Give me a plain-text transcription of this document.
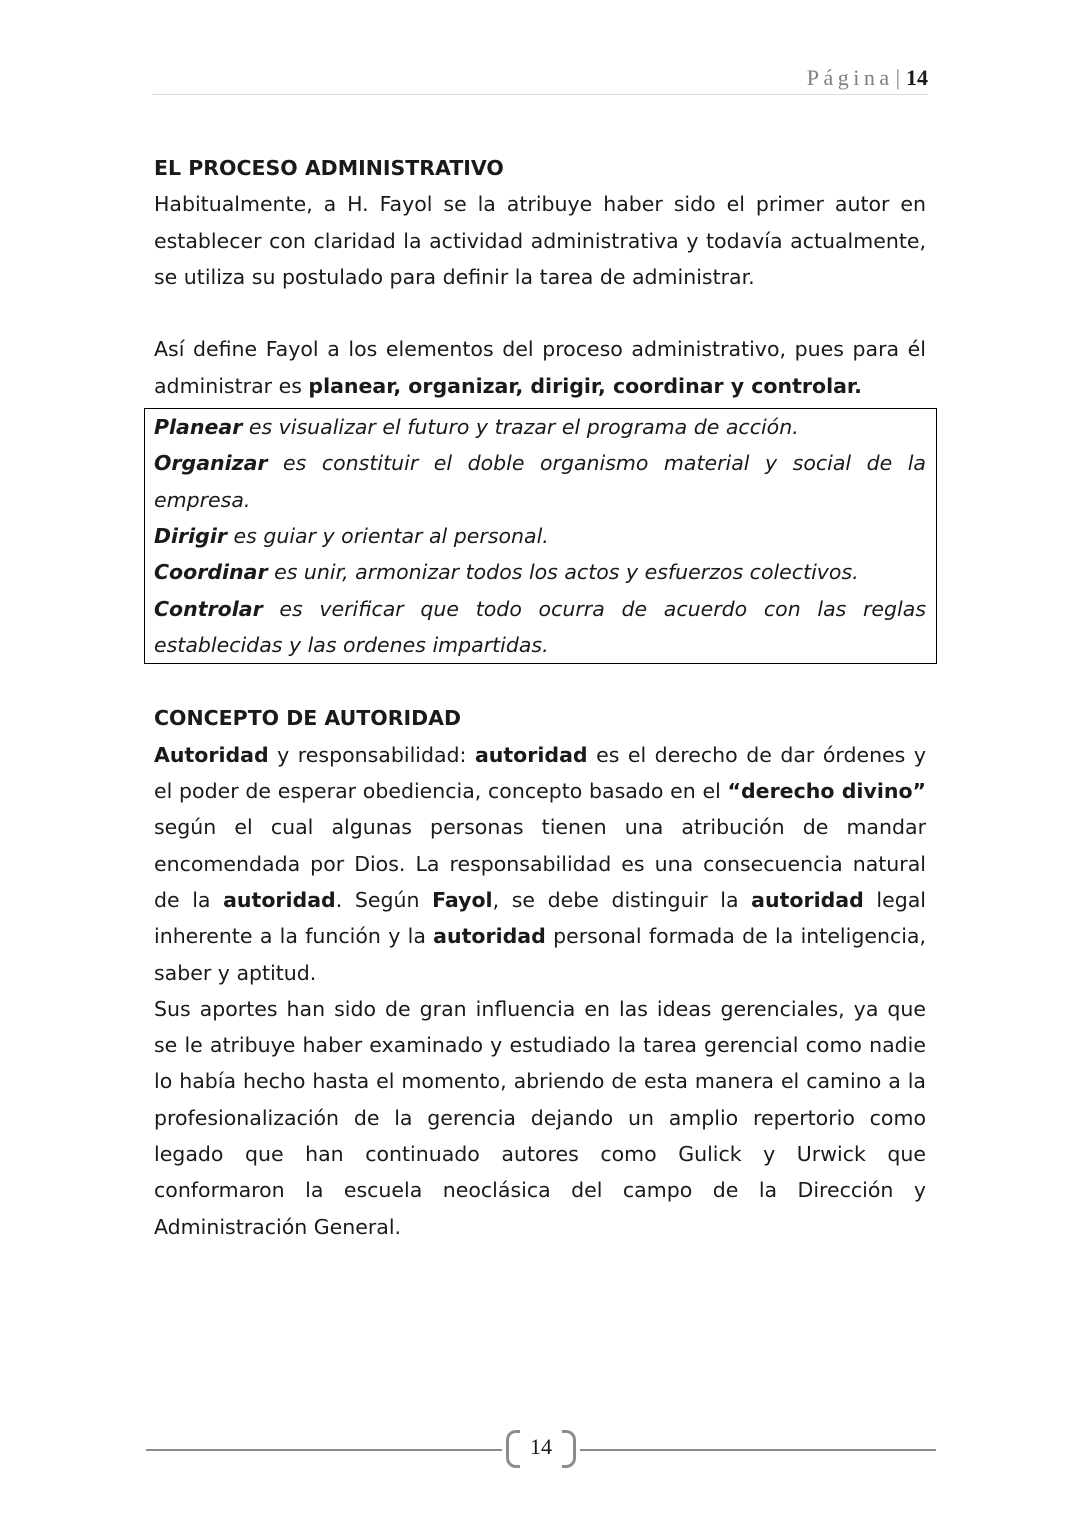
Página| 14

EL PROCESO ADMINISTRATIVO

Habitualmente, a H. Fayol se la atribuye haber sido el primer autor en establecer con claridad la actividad administrativa y todavía actualmente, se utiliza su postulado para definir la tarea de administrar.

Así define Fayol a los elementos del proceso administrativo, pues para él administrar es planear, organizar, dirigir, coordinar y controlar.

Planear es visualizar el futuro y trazar el programa de acción.

Organizar es constituir el doble organismo material y social de la empresa.

Dirigir es guiar y orientar al personal.

Coordinar es unir, armonizar todos los actos y esfuerzos colectivos.

Controlar es verificar que todo ocurra de acuerdo con las reglas establecidas y las ordenes impartidas.

CONCEPTO DE AUTORIDAD

Autoridad y responsabilidad: autoridad es el derecho de dar órdenes y el poder de esperar obediencia, concepto basado en el “derecho divino” según el cual algunas personas tienen una atribución de mandar encomendada por Dios. La responsabilidad es una consecuencia natural de la autoridad. Según Fayol, se debe distinguir la autoridad legal inherente a la función y la autoridad personal formada de la inteligencia, saber y aptitud.

Sus aportes han sido de gran influencia en las ideas gerenciales, ya que se le atribuye haber examinado y estudiado la tarea gerencial como nadie lo había hecho hasta el momento, abriendo de esta manera el camino a la profesionalización de la gerencia dejando un amplio repertorio como legado que han continuado autores como Gulick y Urwick que conformaron la escuela neoclásica del campo de la Dirección y Administración General.

14
